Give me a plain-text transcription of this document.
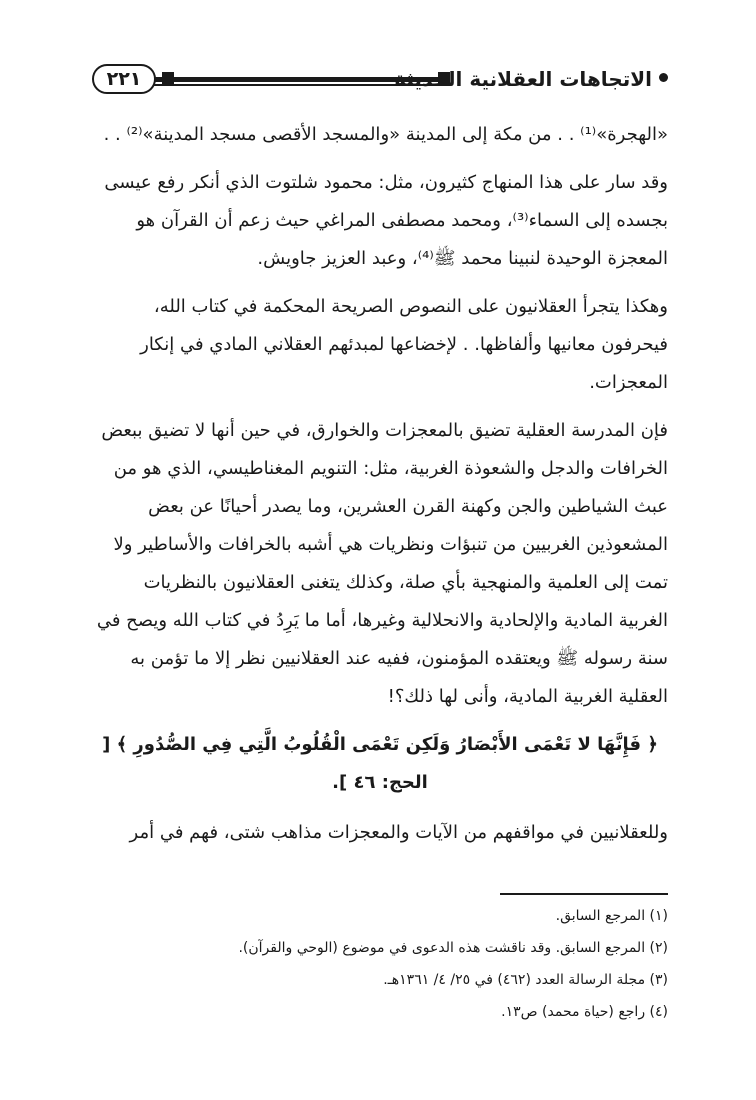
٢٢١	الاتجاهات العقلانية الحديثة

«الهجرة»⁽¹⁾ . . من مكة إلى المدينة «والمسجد الأقصى مسجد المدينة»⁽²⁾ . .

وقد سار على هذا المنهاج كثيرون، مثل: محمود شلتوت الذي أنكر رفع عيسى بجسده إلى السماء⁽³⁾، ومحمد مصطفى المراغي حيث زعم أن القرآن هو المعجزة الوحيدة لنبينا محمد ﷺ⁽⁴⁾، وعبد العزيز جاويش.

وهكذا يتجرأ العقلانيون على النصوص الصريحة المحكمة في كتاب الله، فيحرفون معانيها وألفاظها. . لإخضاعها لمبدئهم العقلاني المادي في إنكار المعجزات.

فإن المدرسة العقلية تضيق بالمعجزات والخوارق، في حين أنها لا تضيق ببعض الخرافات والدجل والشعوذة الغربية، مثل: التنويم المغناطيسي، الذي هو من عبث الشياطين والجن وكهنة القرن العشرين، وما يصدر أحيانًا عن بعض المشعوذين الغربيين من تنبؤات ونظريات هي أشبه بالخرافات والأساطير ولا تمت إلى العلمية والمنهجية بأي صلة، وكذلك يتغنى العقلانيون بالنظريات الغربية المادية والإلحادية والانحلالية وغيرها، أما ما يَرِدُ في كتاب الله ويصح في سنة رسوله ﷺ ويعتقده المؤمنون، ففيه عند العقلانيين نظر إلا ما تؤمن به العقلية الغربية المادية، وأنى لها ذلك؟!

﴿ فَإِنَّهَا لا تَعْمَى الأَبْصَارُ وَلَكِن تَعْمَى الْقُلُوبُ الَّتِي فِي الصُّدُورِ ﴾ [ الحج: ٤٦ ].

وللعقلانيين في مواقفهم من الآيات والمعجزات مذاهب شتى، فهم في أمر

(١) المرجع السابق.

(٢) المرجع السابق. وقد ناقشت هذه الدعوى في موضوع (الوحي والقرآن).

(٣) مجلة الرسالة العدد (٤٦٢) في ٢٥/ ٤/ ١٣٦١هـ.

(٤) راجع (حياة محمد) ص١٣.
